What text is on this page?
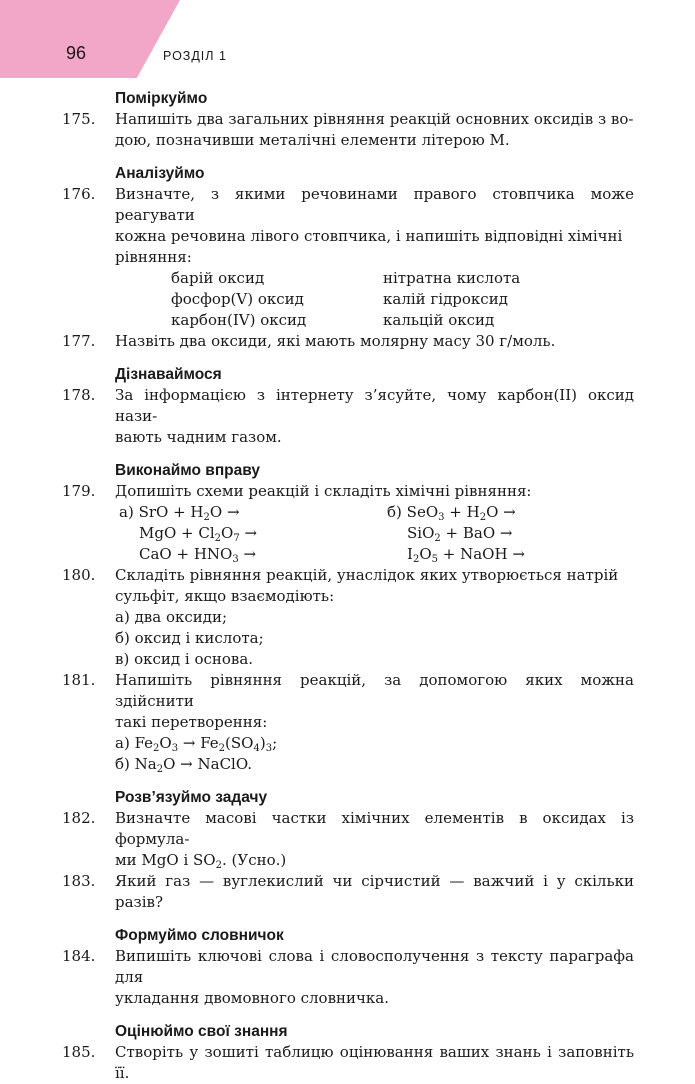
96	РОЗДІЛ 1
Поміркуймо
175.	Напишіть два загальних рівняння реакцій основних оксидів з во-

дою, позначивши металічні елементи літерою M.

Аналізуймо
176.	Визначте, з якими речовинами правого стовпчика може реагувати

кожна речовина лівого стовпчика, і напишіть відповідні хімічні

рівняння:

барій оксид	нітратна кислота
фосфор(V) оксид	калій гідроксид
карбон(IV) оксид	кальцій оксид
177.	Назвіть два оксиди, які мають молярну масу 30 г/моль.

Дізнаваймося
178.	За інформацією з інтернету з’ясуйте, чому карбон(II) оксид нази-

вають чадним газом.

Виконаймо вправу
179.	Допишіть схеми реакцій і складіть хімічні рівняння:

а) SrO + $H_2O$ →	б) $SeO_3 + H_2O$ →
MgO + $Cl_2O_7$ →	SiO$_2$ + BaO →
CaO + $HNO_3$ →	$I_2O_5$ + NaOH →
180.	Складіть рівняння реакцій, унаслідок яких утворюється натрій

сульфіт, якщо взаємодіють:

а) два оксиди;

б) оксид і кислота;

в) оксид і основа.

181.	Напишіть рівняння реакцій, за допомогою яких можна здійснити

такі перетворення:

а) $Fe_2O_3 \to Fe_2(SO_4)_3$;

б) $Na_2O$ → NaClO.

Розв’язуймо задачу
182.	Визначте масові частки хімічних елементів в оксидах із формула-

ми MgO і $SO_2$. (Усно.)

183.	Який газ — вуглекислий чи сірчистий — важчий і у скільки разів?

Формуймо словничок
184.	Випишіть ключові слова і словосполучення з тексту параграфа для

укладання двомовного словничка.

Оцінюймо свої знання
185.	Створіть у зошиті таблицю оцінювання ваших знань і заповніть її.
